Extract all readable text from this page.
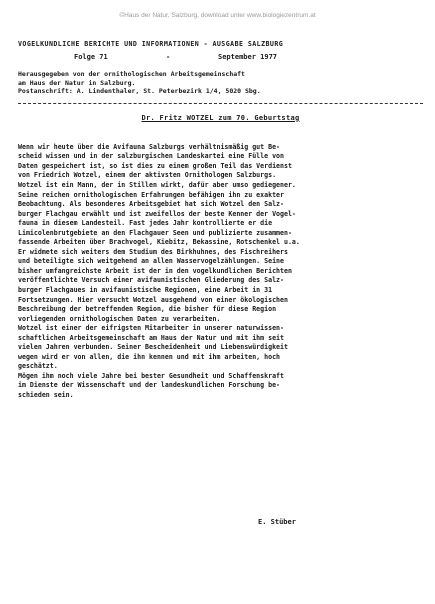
©Haus der Natur, Salzburg, download unter www.biologiezentrum.at
VOGELKUNDLICHE BERICHTE UND INFORMATIONEN - AUSGABE SALZBURG
Folge 71	-	September 1977
Herausgegeben von der ornithologischen Arbeitsgemeinschaft
am Haus der Natur in Salzburg.
Postanschrift: A. Lindenthaler, St. Peterbezirk 1/4, 5020 Sbg.
Dr. Fritz WOTZEL zum 70. Geburtstag
Wenn wir heute über die Avifauna Salzburgs verhältnismäßig gut Be-
scheid wissen und in der salzburgischen Landeskartei eine Fülle von
Daten gespeichert ist, so ist dies zu einem großen Teil das Verdienst
von Friedrich Wotzel, einem der aktivsten Ornithologen Salzburgs.
Wotzel ist ein Mann, der in Stillen wirkt, dafür aber umso gediegener.
Seine reichen ornithologischen Erfahrungen befähigen ihn zu exakter
Beobachtung. Als besonderes Arbeitsgebiet hat sich Wotzel den Salz-
burger Flachgau erwählt und ist zweifellos der beste Kenner der Vogel-
fauna in diesem Landesteil. Fast jedes Jahr kontrollierte er die
Limicolenbrutgebiete an den Flachgauer Seen und publizierte zusammen-
fassende Arbeiten über Brachvogel, Kiebitz, Bekassine, Rotschenkel u.a.
Er widmete sich weiters dem Studium des Birkhuhnes, des Fischreihers
und beteiligte sich weitgehend an allen Wasservogelzählungen. Seine
bisher umfangreichste Arbeit ist der in den vogelkundlichen Berichten
veröffentlichte Versuch einer avifaunistischen Gliederung des Salz-
burger Flachgaues in avifaunistische Regionen, eine Arbeit in 31
Fortsetzungen. Hier versucht Wotzel ausgehend von einer ökologischen
Beschreibung der betreffenden Region, die bisher für diese Region
vorliegenden ornithologischen Daten zu verarbeiten.
Wotzel ist einer der eifrigsten Mitarbeiter in unserer naturwissen-
schaftlichen Arbeitsgemeinschaft am Haus der Natur und mit ihm seit
vielen Jahren verbunden. Seiner Bescheidenheit und Liebenswürdigkeit
wegen wird er von allen, die ihn kennen und mit ihm arbeiten, hoch
geschätzt.
Mögen ihm noch viele Jahre bei bester Gesundheit und Schaffenskraft
im Dienste der Wissenschaft und der landeskundlichen Forschung be-
schieden sein.
E. Stüber
